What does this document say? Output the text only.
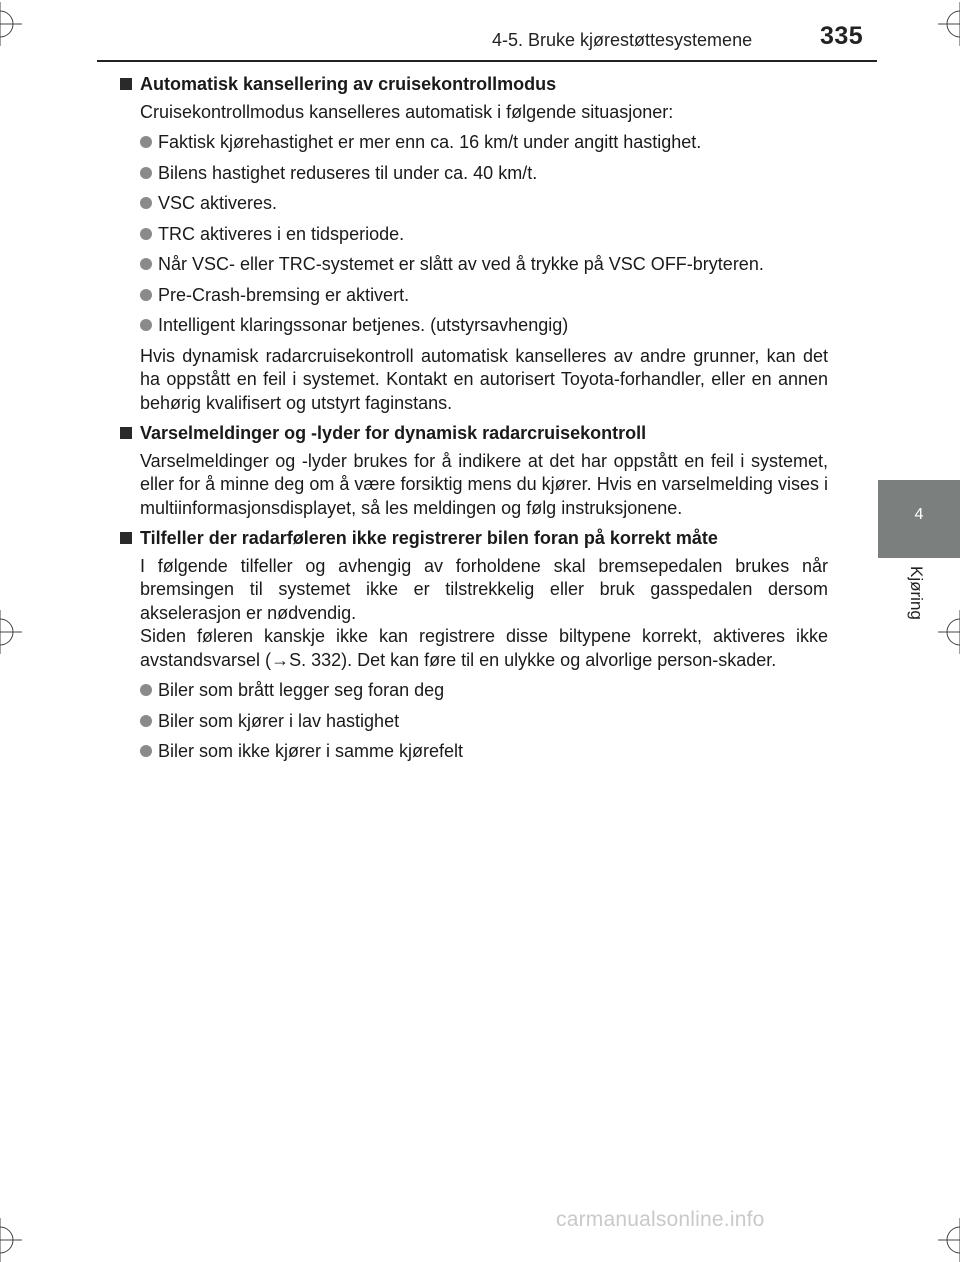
4-5. Bruke kjørestøttesystemene	335
4
Kjøring
Automatisk kansellering av cruisekontrollmodus
Cruisekontrollmodus kanselleres automatisk i følgende situasjoner:
Faktisk kjørehastighet er mer enn ca. 16 km/t under angitt hastighet.
Bilens hastighet reduseres til under ca. 40 km/t.
VSC aktiveres.
TRC aktiveres i en tidsperiode.
Når VSC- eller TRC-systemet er slått av ved å trykke på VSC OFF-bryteren.
Pre-Crash-bremsing er aktivert.
Intelligent klaringssonar betjenes. (utstyrsavhengig)
Hvis dynamisk radarcruisekontroll automatisk kanselleres av andre grunner, kan det ha oppstått en feil i systemet. Kontakt en autorisert Toyota-forhandler, eller en annen behørig kvalifisert og utstyrt faginstans.
Varselmeldinger og -lyder for dynamisk radarcruisekontroll
Varselmeldinger og -lyder brukes for å indikere at det har oppstått en feil i systemet, eller for å minne deg om å være forsiktig mens du kjører. Hvis en varselmelding vises i multiinformasjonsdisplayet, så les meldingen og følg instruksjonene.
Tilfeller der radarføleren ikke registrerer bilen foran på korrekt måte
I følgende tilfeller og avhengig av forholdene skal bremsepedalen brukes når bremsingen til systemet ikke er tilstrekkelig eller bruk gasspedalen dersom akselerasjon er nødvendig.
Siden føleren kanskje ikke kan registrere disse biltypene korrekt, aktiveres ikke avstandsvarsel (→S. 332). Det kan føre til en ulykke og alvorlige person-skader.
Biler som brått legger seg foran deg
Biler som kjører i lav hastighet
Biler som ikke kjører i samme kjørefelt
carmanualsonline.info
